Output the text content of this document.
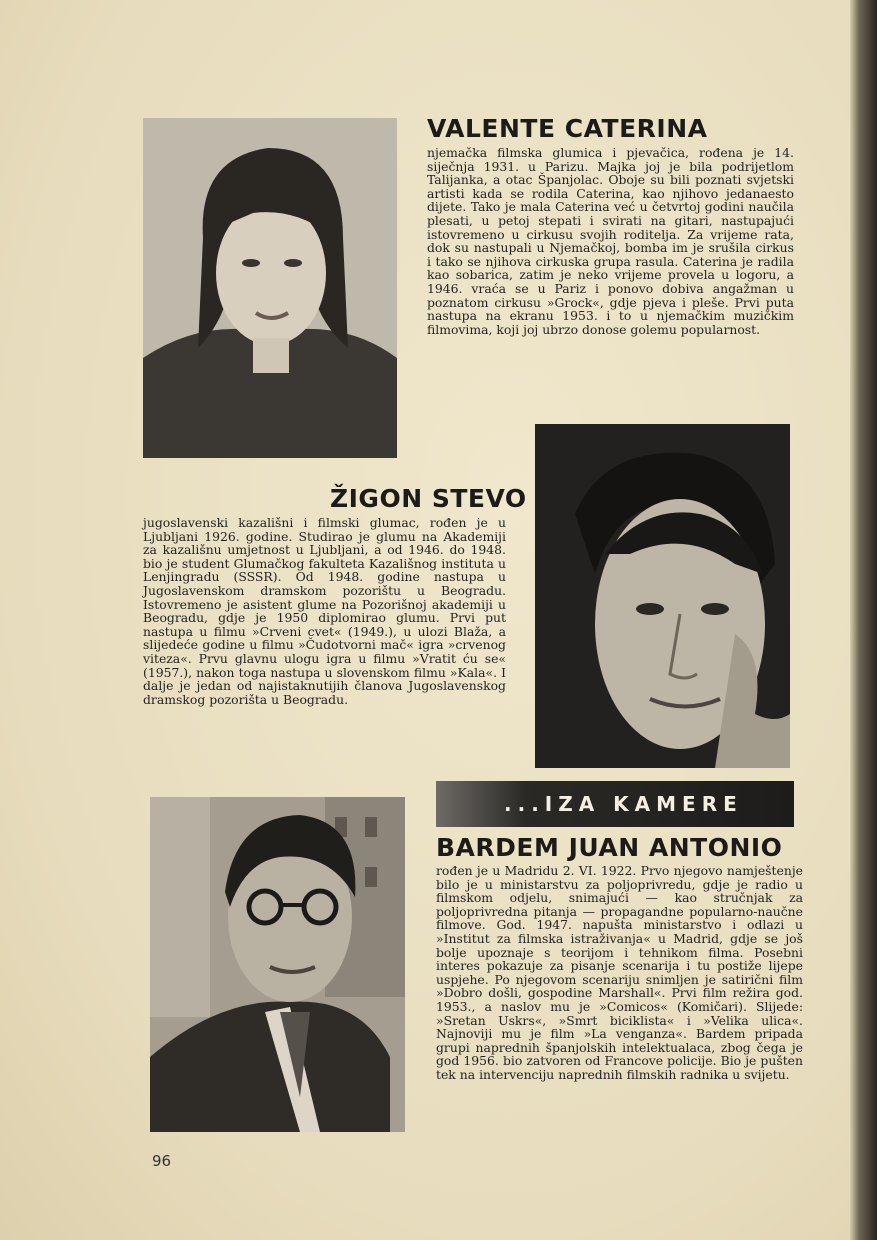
VALENTE CATERINA

njemačka filmska glumica i pjevačica, rođena je 14. siječnja 1931. u Parizu. Majka joj je bila podrijetlom Talijanka, a otac Španjolac. Oboje su bili poznati svjetski artisti kada se rodila Caterina, kao njihovo jedanaesto dijete. Tako je mala Caterina već u četvrtoj godini naučila plesati, u petoj stepati i svirati na gitari, nastupajući istovremeno u cirkusu svojih roditelja. Za vrijeme rata, dok su nastupali u Njemačkoj, bomba im je srušila cirkus i tako se njihova cirkuska grupa rasula. Caterina je radila kao sobarica, zatim je neko vrijeme provela u logoru, a 1946. vraća se u Pariz i ponovo dobiva angažman u poznatom cirkusu »Grock«, gdje pjeva i pleše. Prvi puta nastupa na ekranu 1953. i to u njemačkim muzičkim filmovima, koji joj ubrzo donose golemu popularnost.

ŽIGON STEVO

jugoslavenski kazališni i filmski glumac, rođen je u Ljubljani 1926. godine. Studirao je glumu na Akademiji za kazališnu umjetnost u Ljubljani, a od 1946. do 1948. bio je student Glumačkog fakulteta Kazališnog instituta u Lenjingradu (SSSR). Od 1948. godine nastupa u Jugoslavenskom dramskom pozorištu u Beogradu. Istovremeno je asistent glume na Pozorišnoj akademiji u Beogradu, gdje je 1950 diplomirao glumu. Prvi put nastupa u filmu »Crveni cvet« (1949.), u ulozi Blaža, a slijedeće godine u filmu »Čudotvorni mač« igra »crvenog viteza«. Prvu glavnu ulogu igra u filmu »Vratit ću se« (1957.), nakon toga nastupa u slovenskom filmu »Kala«. I dalje je jedan od najistaknutijih članova Jugoslavenskog dramskog pozorišta u Beogradu.

...IZA KAMERE
BARDEM JUAN ANTONIO

rođen je u Madridu 2. VI. 1922. Prvo njegovo namještenje bilo je u ministarstvu za poljoprivredu, gdje je radio u filmskom odjelu, snimajući — kao stručnjak za poljoprivredna pitanja — propagandne popularno-naučne filmove. God. 1947. napušta ministarstvo i odlazi u »Institut za filmska istraživanja« u Madrid, gdje se još bolje upoznaje s teorijom i tehnikom filma. Posebni interes pokazuje za pisanje scenarija i tu postiže lijepe uspjehe. Po njegovom scenariju snimljen je satirični film »Dobro došli, gospodine Marshall«. Prvi film režira god. 1953., a naslov mu je »Comicos« (Komičari). Slijede: »Sretan Uskrs«, »Smrt biciklista« i »Velika ulica«. Najnoviji mu je film »La venganza«. Bardem pripada grupi naprednih španjolskih intelektualaca, zbog čega je god 1956. bio zatvoren od Francove policije. Bio je pušten tek na intervenciju naprednih filmskih radnika u svijetu.

96
